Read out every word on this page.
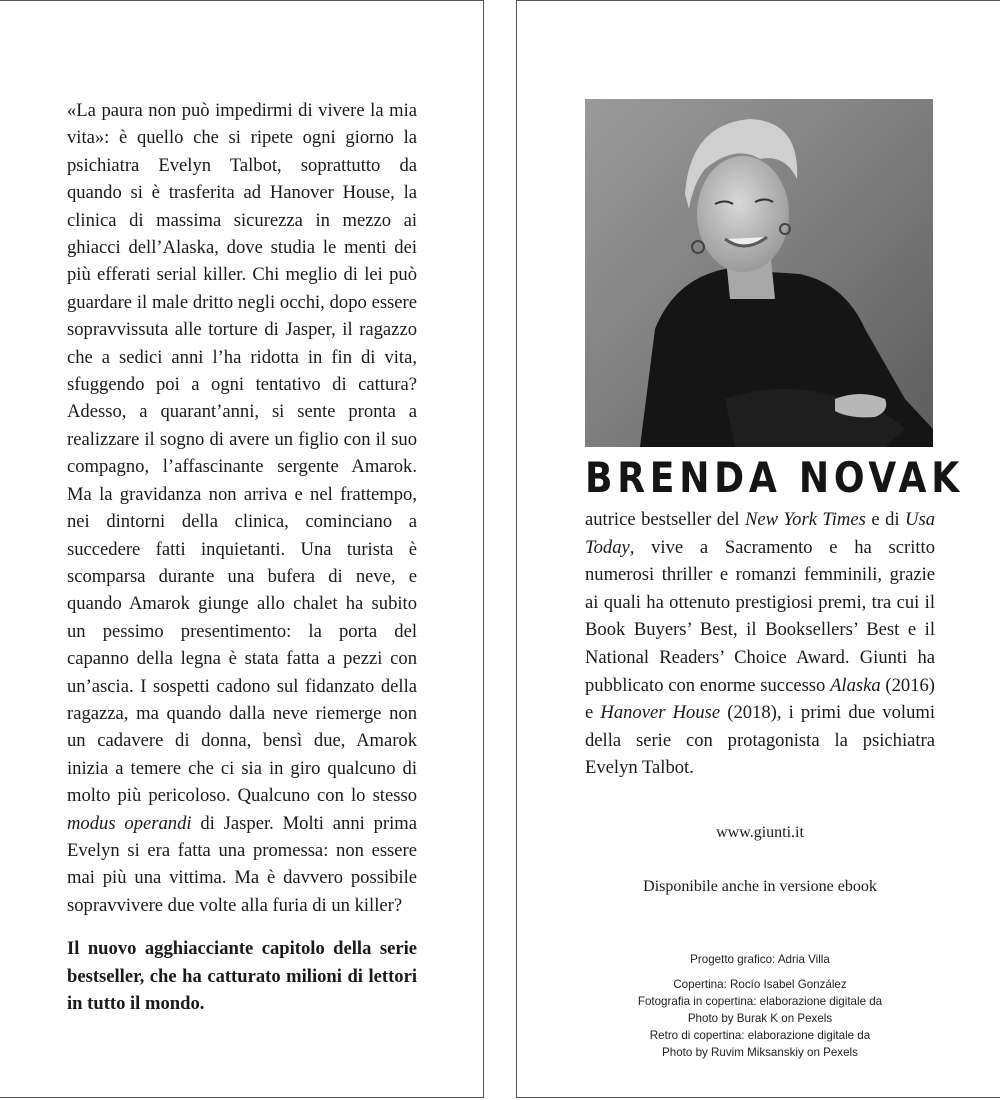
«La paura non può impedirmi di vivere la mia vita»: è quello che si ripete ogni giorno la psichiatra Evelyn Talbot, soprattutto da quando si è trasferita ad Hanover House, la clinica di massima sicurezza in mezzo ai ghiacci dell’Alaska, dove studia le menti dei più efferati serial killer. Chi meglio di lei può guardare il male dritto negli occhi, dopo essere sopravvissuta alle torture di Jasper, il ragazzo che a sedici anni l’ha ridotta in fin di vita, sfuggendo poi a ogni tentativo di cattura? Adesso, a quarant’anni, si sente pronta a realizzare il sogno di avere un figlio con il suo compagno, l’affascinante sergente Amarok. Ma la gravidanza non arriva e nel frattempo, nei dintorni della clinica, cominciano a succedere fatti inquietanti. Una turista è scomparsa durante una bufera di neve, e quando Amarok giunge allo chalet ha subito un pessimo presentimento: la porta del capanno della legna è stata fatta a pezzi con un’ascia. I sospetti cadono sul fidanzato della ragazza, ma quando dalla neve riemerge non un cadavere di donna, bensì due, Amarok inizia a temere che ci sia in giro qualcuno di molto più pericoloso. Qualcuno con lo stesso modus operandi di Jasper. Molti anni prima Evelyn si era fatta una promessa: non essere mai più una vittima. Ma è davvero possibile sopravvivere due volte alla furia di un killer?

Il nuovo agghiacciante capitolo della serie bestseller, che ha catturato milioni di lettori in tutto il mondo.

BRENDA NOVAK

autrice bestseller del New York Times e di Usa Today, vive a Sacramento e ha scritto numerosi thriller e romanzi femminili, grazie ai quali ha ottenuto prestigiosi premi, tra cui il Book Buyers’ Best, il Booksellers’ Best e il National Readers’ Choice Award. Giunti ha pubblicato con enorme successo Alaska (2016) e Hanover House (2018), i primi due volumi della serie con protagonista la psichiatra Evelyn Talbot.

www.giunti.it
Disponibile anche in versione ebook
Progetto grafico: Adria Villa
Copertina: Rocío Isabel González
Fotografia in copertina: elaborazione digitale da
Photo by Burak K on Pexels
Retro di copertina: elaborazione digitale da
Photo by Ruvim Miksanskiy on Pexels
